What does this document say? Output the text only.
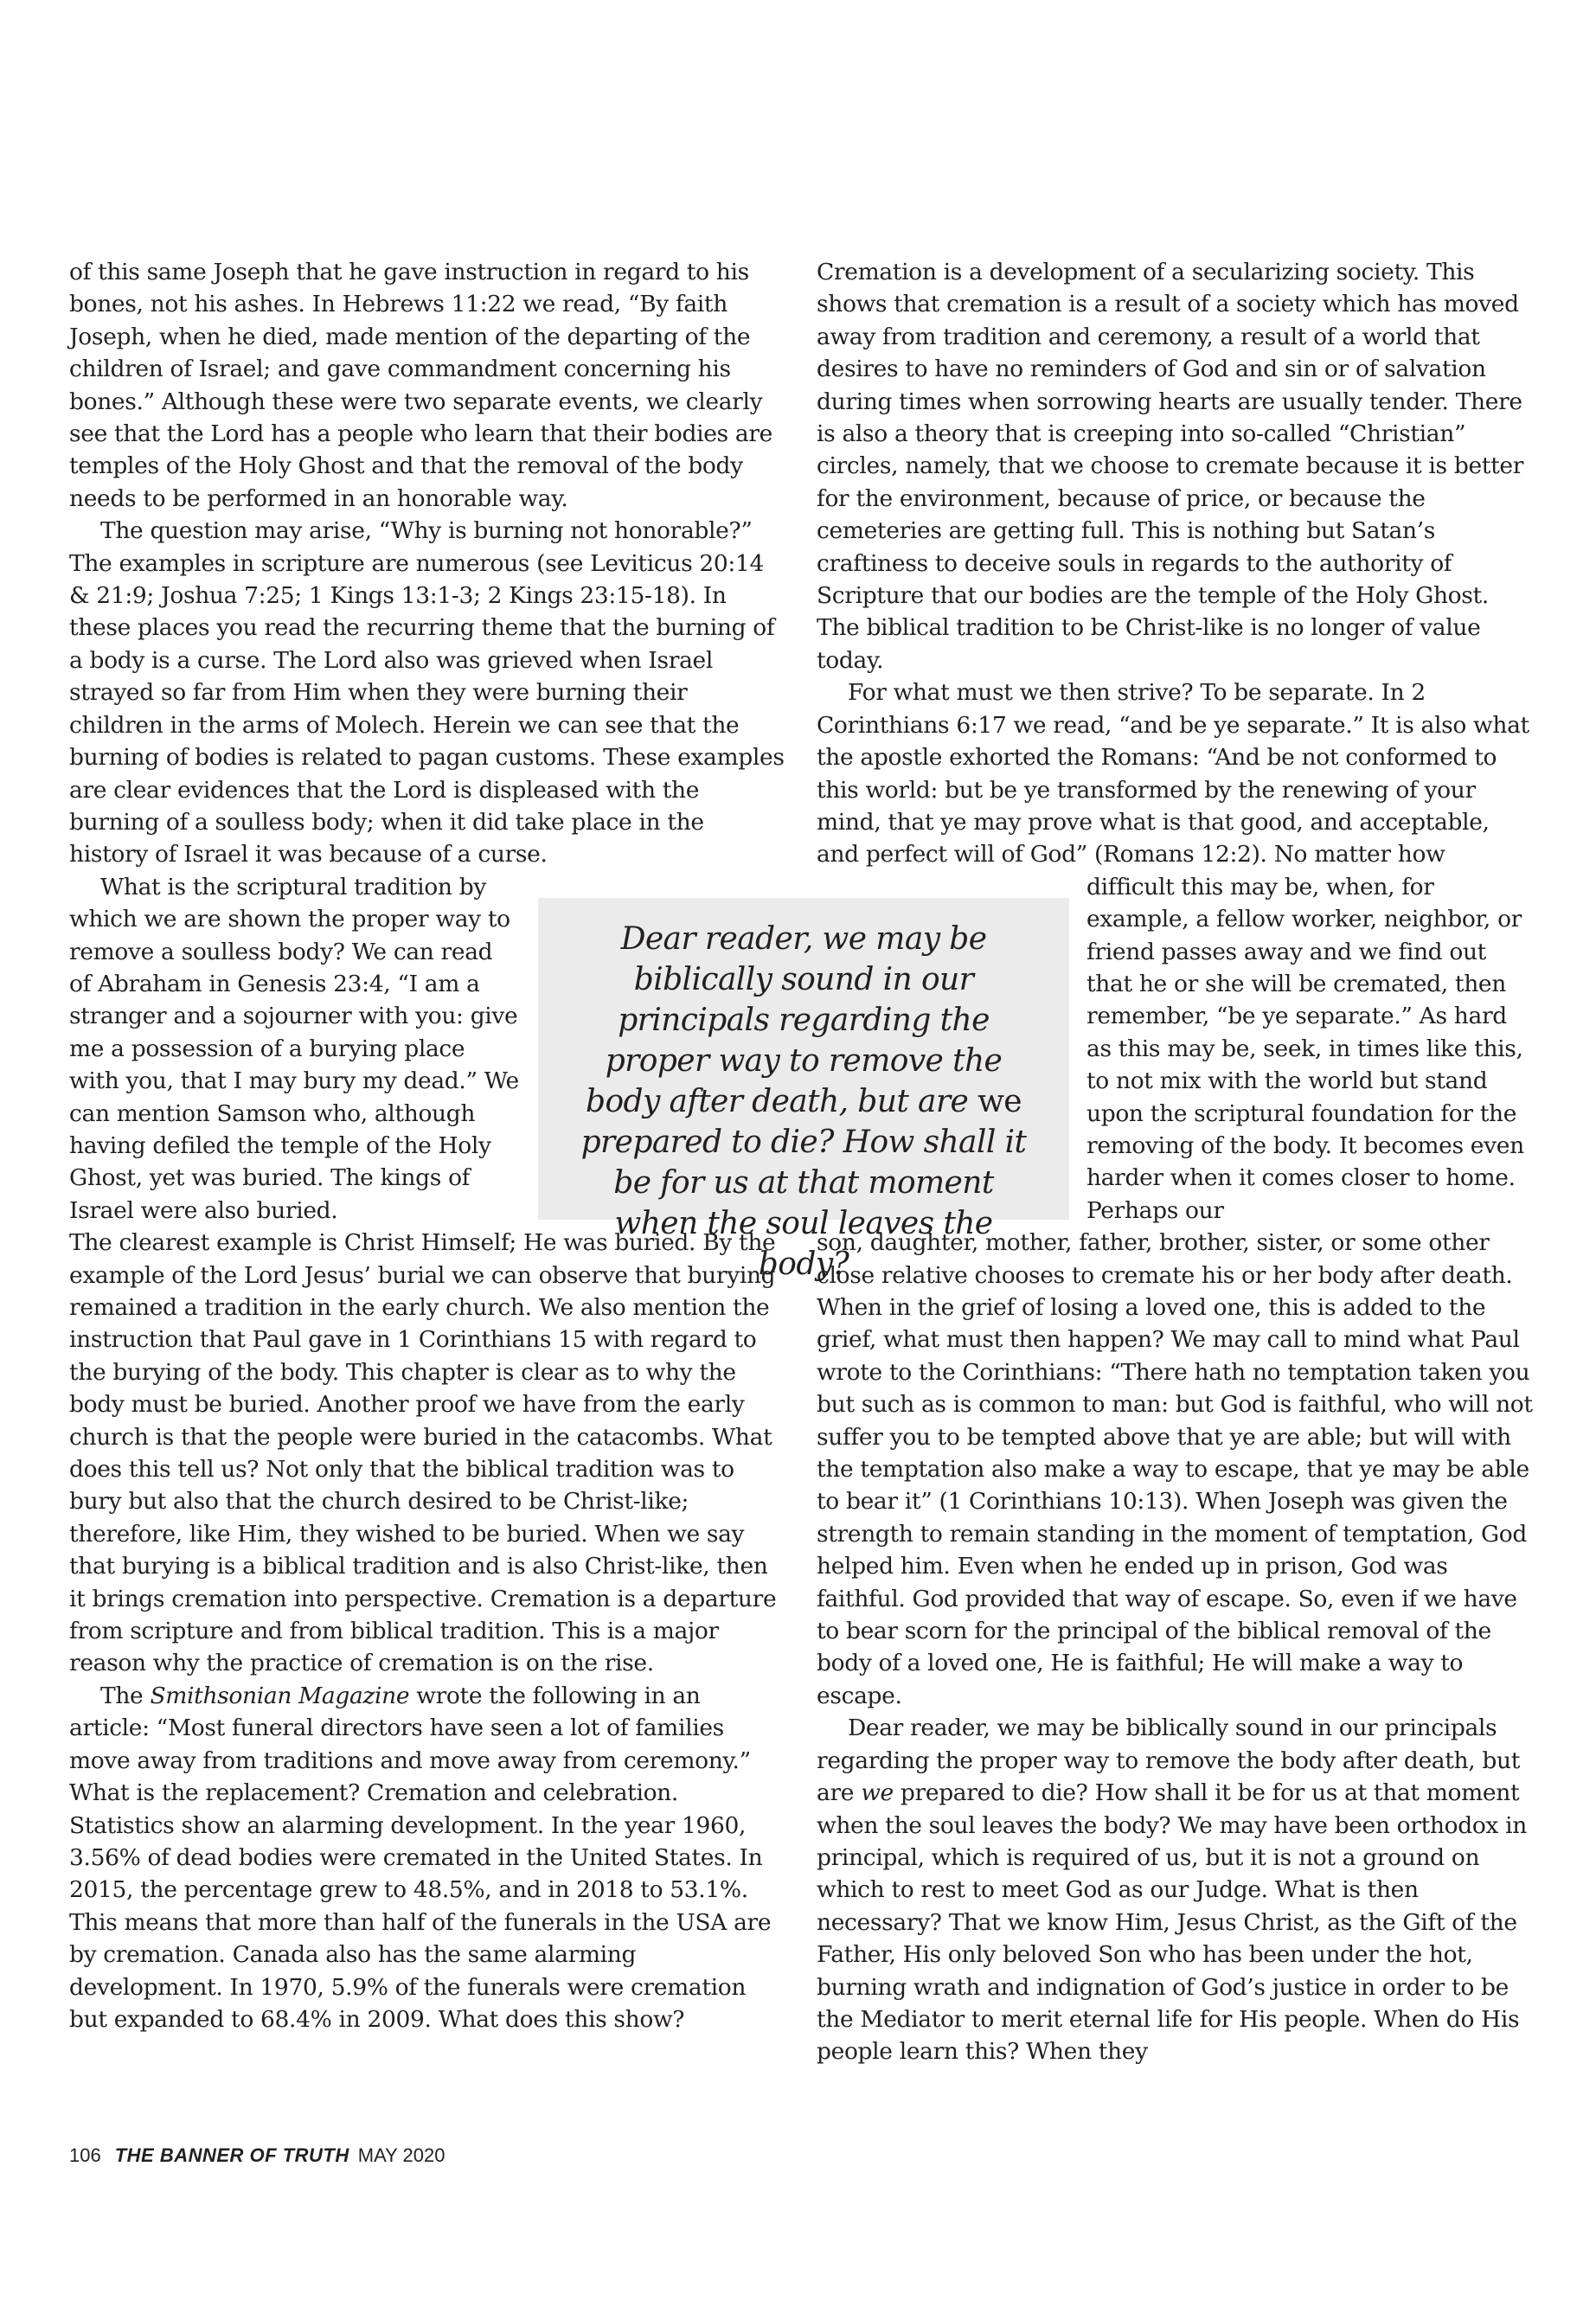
of this same Joseph that he gave instruction in regard to his bones, not his ashes. In Hebrews 11:22 we read, “By faith Joseph, when he died, made mention of the departing of the children of Israel; and gave commandment concerning his bones.” Although these were two separate events, we clearly see that the Lord has a people who learn that their bodies are temples of the Holy Ghost and that the removal of the body needs to be performed in an honorable way.

The question may arise, “Why is burning not honorable?” The examples in scripture are numerous (see Leviticus 20:14 & 21:9; Joshua 7:25; 1 Kings 13:1-3; 2 Kings 23:15-18). In these places you read the recurring theme that the burning of a body is a curse. The Lord also was grieved when Israel strayed so far from Him when they were burning their children in the arms of Molech. Herein we can see that the burning of bodies is related to pagan customs. These examples are clear evidences that the Lord is displeased with the burning of a soulless body; when it did take place in the history of Israel it was because of a curse.

What is the scriptural tradition by which we are shown the proper way to remove a soulless body? We can read of Abraham in Genesis 23:4, “I am a stranger and a sojourner with you: give me a possession of a burying place with you, that I may bury my dead.” We can mention Samson who, although having defiled the temple of the Holy Ghost, yet was buried. The kings of Israel were also buried.

The clearest example is Christ Himself; He was buried. By the example of the Lord Jesus’ burial we can observe that burying remained a tradition in the early church. We also mention the instruction that Paul gave in 1 Corinthians 15 with regard to the burying of the body. This chapter is clear as to why the body must be buried. Another proof we have from the early church is that the people were buried in the catacombs. What does this tell us? Not only that the biblical tradition was to bury but also that the church desired to be Christ-like; therefore, like Him, they wished to be buried. When we say that burying is a biblical tradition and is also Christ-like, then it brings cremation into perspective. Cremation is a departure from scripture and from biblical tradition. This is a major reason why the practice of cremation is on the rise.

The Smithsonian Magazine wrote the following in an article: “Most funeral directors have seen a lot of families move away from traditions and move away from ceremony.” What is the replacement? Cremation and celebration. Statistics show an alarming development. In the year 1960, 3.56% of dead bodies were cremated in the United States. In 2015, the percentage grew to 48.5%, and in 2018 to 53.1%. This means that more than half of the funerals in the USA are by cremation. Canada also has the same alarming development. In 1970, 5.9% of the funerals were cremation but expanded to 68.4% in 2009. What does this show?

Cremation is a development of a secularizing society. This shows that cremation is a result of a society which has moved away from tradition and ceremony, a result of a world that desires to have no reminders of God and sin or of salvation during times when sorrowing hearts are usually tender. There is also a theory that is creeping into so-called “Christian” circles, namely, that we choose to cremate because it is better for the environment, because of price, or because the cemeteries are getting full. This is nothing but Satan’s craftiness to deceive souls in regards to the authority of Scripture that our bodies are the temple of the Holy Ghost. The biblical tradition to be Christ-like is no longer of value today.

For what must we then strive? To be separate. In 2 Corinthians 6:17 we read, “and be ye separate.” It is also what the apostle exhorted the Romans: “And be not conformed to this world: but be ye transformed by the renewing of your mind, that ye may prove what is that good, and acceptable, and perfect will of God” (Romans 12:2). No matter how

difficult this may be, when, for example, a fellow worker, neighbor, or friend passes away and we find out that he or she will be cremated, then remember, “be ye separate.” As hard as this may be, seek, in times like this, to not mix with the world but stand upon the scriptural foundation for the removing of the body. It becomes even harder when it comes closer to home. Perhaps our

son, daughter, mother, father, brother, sister, or some other close relative chooses to cremate his or her body after death. When in the grief of losing a loved one, this is added to the grief, what must then happen? We may call to mind what Paul wrote to the Corinthians: “There hath no temptation taken you but such as is common to man: but God is faithful, who will not suffer you to be tempted above that ye are able; but will with the temptation also make a way to escape, that ye may be able to bear it” (1 Corinthians 10:13). When Joseph was given the strength to remain standing in the moment of temptation, God helped him. Even when he ended up in prison, God was faithful. God provided that way of escape. So, even if we have to bear scorn for the principal of the biblical removal of the body of a loved one, He is faithful; He will make a way to escape.

Dear reader, we may be biblically sound in our principals regarding the proper way to remove the body after death, but are we prepared to die? How shall it be for us at that moment when the soul leaves the body? We may have been orthodox in principal, which is required of us, but it is not a ground on which to rest to meet God as our Judge. What is then necessary? That we know Him, Jesus Christ, as the Gift of the Father, His only beloved Son who has been under the hot, burning wrath and indignation of God’s justice in order to be the Mediator to merit eternal life for His people. When do His people learn this? When they

Dear reader, we may be biblically sound in our principals regarding the proper way to remove the body after death, but are we prepared to die? How shall it be for us at that moment when the soul leaves the body?
106 THE BANNER OF TRUTH MAY 2020
